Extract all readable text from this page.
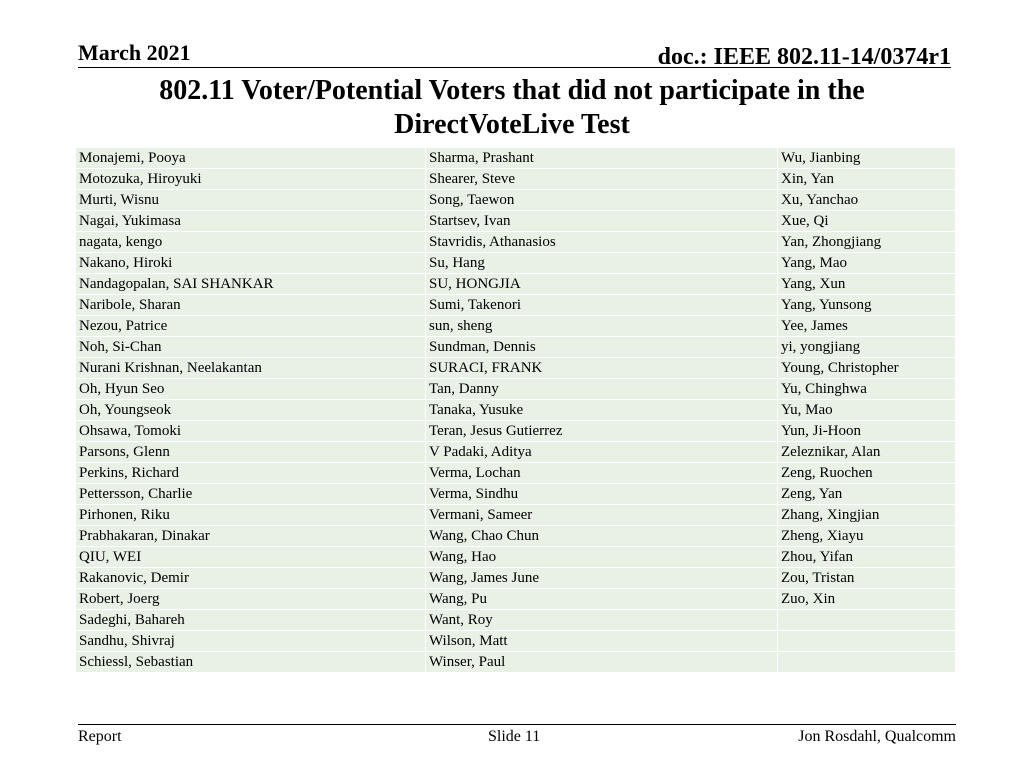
March 2021	doc.: IEEE 802.11-14/0374r1
802.11 Voter/Potential Voters that did not participate in the
DirectVoteLive Test
Monajemi, Pooya	Sharma, Prashant	Wu, Jianbing
Motozuka, Hiroyuki	Shearer, Steve	Xin, Yan
Murti, Wisnu	Song, Taewon	Xu, Yanchao
Nagai, Yukimasa	Startsev, Ivan	Xue, Qi
nagata, kengo	Stavridis, Athanasios	Yan, Zhongjiang
Nakano, Hiroki	Su, Hang	Yang, Mao
Nandagopalan, SAI SHANKAR	SU, HONGJIA	Yang, Xun
Naribole, Sharan	Sumi, Takenori	Yang, Yunsong
Nezou, Patrice	sun, sheng	Yee, James
Noh, Si-Chan	Sundman, Dennis	yi, yongjiang
Nurani Krishnan, Neelakantan	SURACI, FRANK	Young, Christopher
Oh, Hyun Seo	Tan, Danny	Yu, Chinghwa
Oh, Youngseok	Tanaka, Yusuke	Yu, Mao
Ohsawa, Tomoki	Teran, Jesus Gutierrez	Yun, Ji-Hoon
Parsons, Glenn	V Padaki, Aditya	Zeleznikar, Alan
Perkins, Richard	Verma, Lochan	Zeng, Ruochen
Pettersson, Charlie	Verma, Sindhu	Zeng, Yan
Pirhonen, Riku	Vermani, Sameer	Zhang, Xingjian
Prabhakaran, Dinakar	Wang, Chao Chun	Zheng, Xiayu
QIU, WEI	Wang, Hao	Zhou, Yifan
Rakanovic, Demir	Wang, James June	Zou, Tristan
Robert, Joerg	Wang, Pu	Zuo, Xin
Sadeghi, Bahareh	Want, Roy	
Sandhu, Shivraj	Wilson, Matt	
Schiessl, Sebastian	Winser, Paul	
Report	Slide 11	Jon Rosdahl, Qualcomm
